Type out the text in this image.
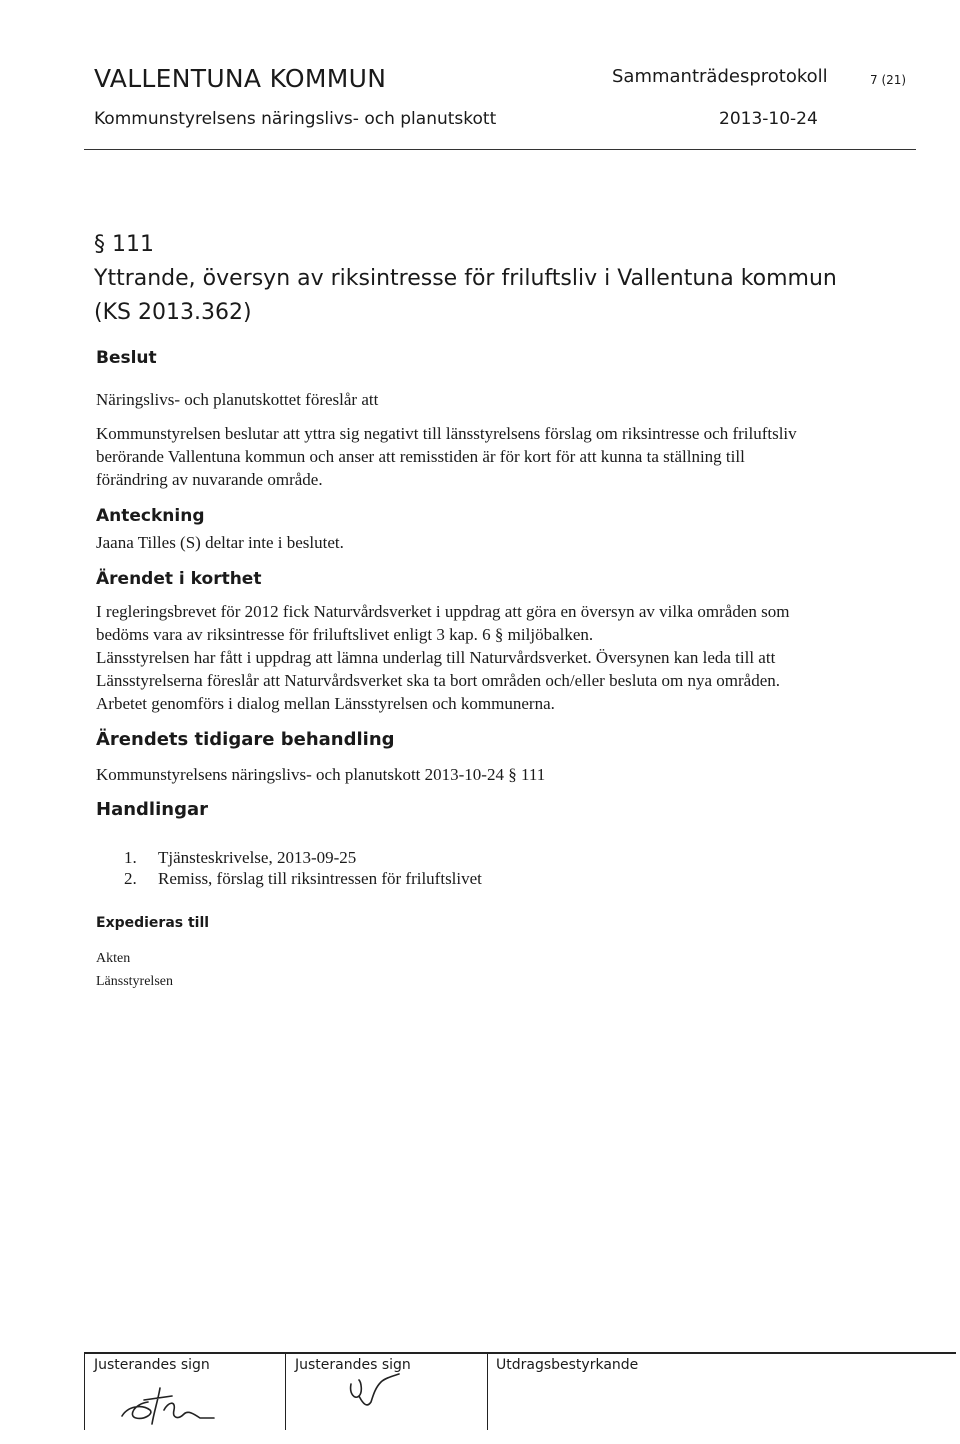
VALLENTUNA KOMMUN	Sammanträdesprotokoll	7 (21)
Kommunstyrelsens näringslivs- och planutskott	2013-10-24
§ 111
Yttrande, översyn av riksintresse för friluftsliv i Vallentuna kommun (KS 2013.362)
Beslut
Näringslivs- och planutskottet föreslår att
Kommunstyrelsen beslutar att yttra sig negativt till länsstyrelsens förslag om riksintresse och friluftsliv
berörande Vallentuna kommun och anser att remisstiden är för kort för att kunna ta ställning till
förändring av nuvarande område.
Anteckning
Jaana Tilles (S) deltar inte i beslutet.
Ärendet i korthet
I regleringsbrevet för 2012 fick Naturvårdsverket i uppdrag att göra en översyn av vilka områden som
bedöms vara av riksintresse för friluftslivet enligt 3 kap. 6 § miljöbalken.
Länsstyrelsen har fått i uppdrag att lämna underlag till Naturvårdsverket. Översynen kan leda till att
Länsstyrelserna föreslår att Naturvårdsverket ska ta bort områden och/eller besluta om nya områden.
Arbetet genomförs i dialog mellan Länsstyrelsen och kommunerna.
Ärendets tidigare behandling
Kommunstyrelsens näringslivs- och planutskott 2013-10-24 § 111
Handlingar
1. Tjänsteskrivelse, 2013-09-25
2. Remiss, förslag till riksintressen för friluftslivet
Expedieras till
Akten
Länsstyrelsen
Justerandes sign	Justerandes sign	Utdragsbestyrkande
